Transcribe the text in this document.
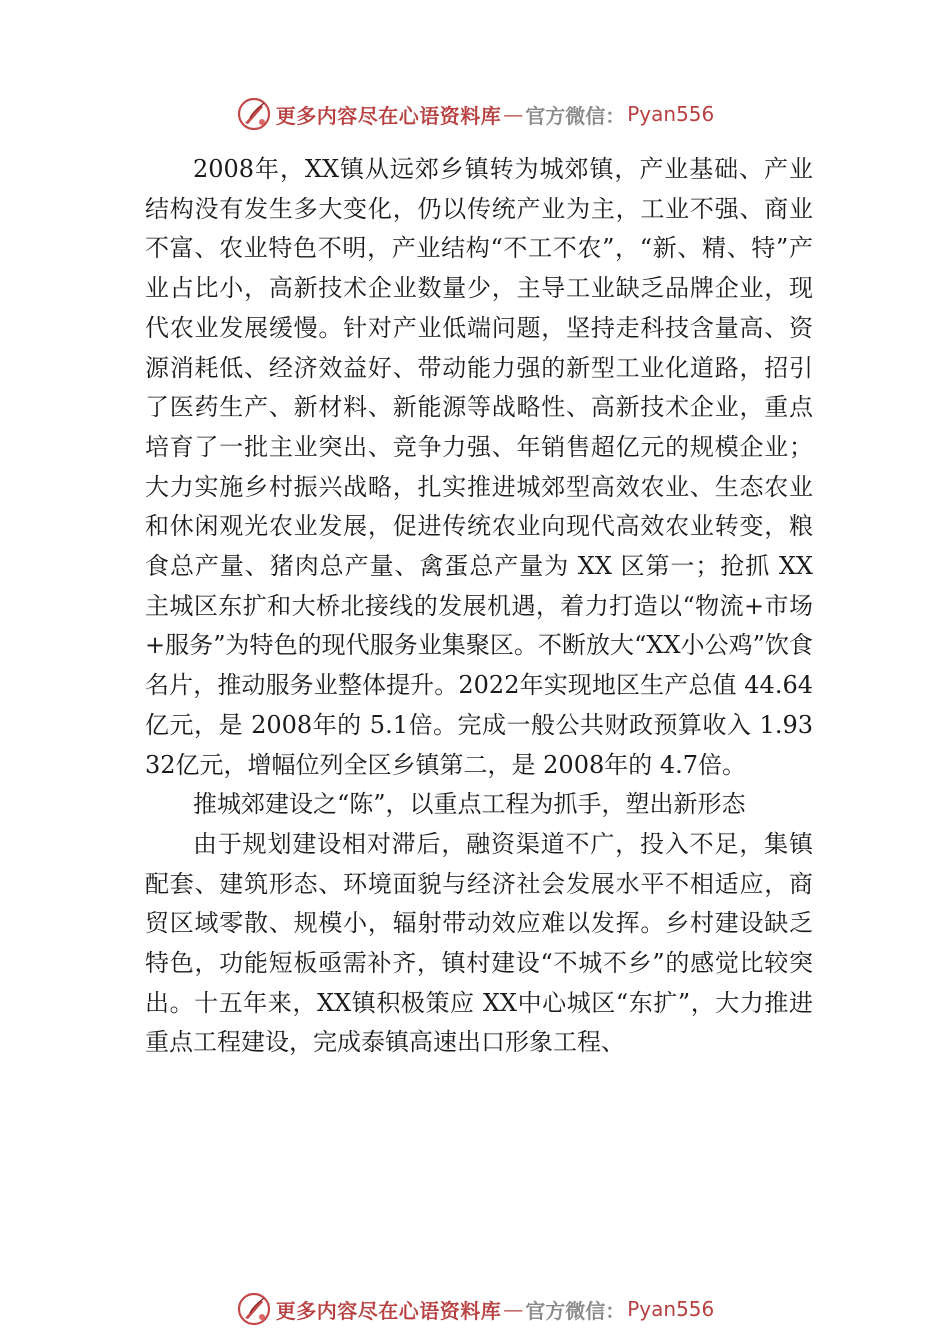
更多内容尽在心语资料库 — 官方微信： Pyan556

2008年，XX镇从远郊乡镇转为城郊镇，产业基础、产业结构没有发生多大变化，仍以传统产业为主，工业不强、商业不富、农业特色不明，产业结构“不工不农”，“新、精、特”产业占比小，高新技术企业数量少，主导工业缺乏品牌企业，现代农业发展缓慢。针对产业低端问题，坚持走科技含量高、资源消耗低、经济效益好、带动能力强的新型工业化道路，招引了医药生产、新材料、新能源等战略性、高新技术企业，重点培育了一批主业突出、竞争力强、年销售超亿元的规模企业；大力实施乡村振兴战略，扎实推进城郊型高效农业、生态农业和休闲观光农业发展，促进传统农业向现代高效农业转变，粮食总产量、猪肉总产量、禽蛋总产量为 XX 区第一；抢抓 XX 主城区东扩和大桥北接线的发展机遇，着力打造以“物流+市场+服务”为特色的现代服务业集聚区。不断放大“XX小公鸡”饮食名片，推动服务业整体提升。2022年实现地区生产总值 44.64亿元，是 2008年的 5.1倍。完成一般公共财政预算收入 1.9332亿元，增幅位列全区乡镇第二，是 2008年的 4.7倍。

推城郊建设之“陈”，以重点工程为抓手，塑出新形态

由于规划建设相对滞后，融资渠道不广，投入不足，集镇配套、建筑形态、环境面貌与经济社会发展水平不相适应，商贸区域零散、规模小，辐射带动效应难以发挥。乡村建设缺乏特色，功能短板亟需补齐，镇村建设“不城不乡”的感觉比较突出。十五年来，XX镇积极策应 XX中心城区“东扩”，大力推进重点工程建设，完成泰镇高速出口形象工程、

更多内容尽在心语资料库 — 官方微信： Pyan556
